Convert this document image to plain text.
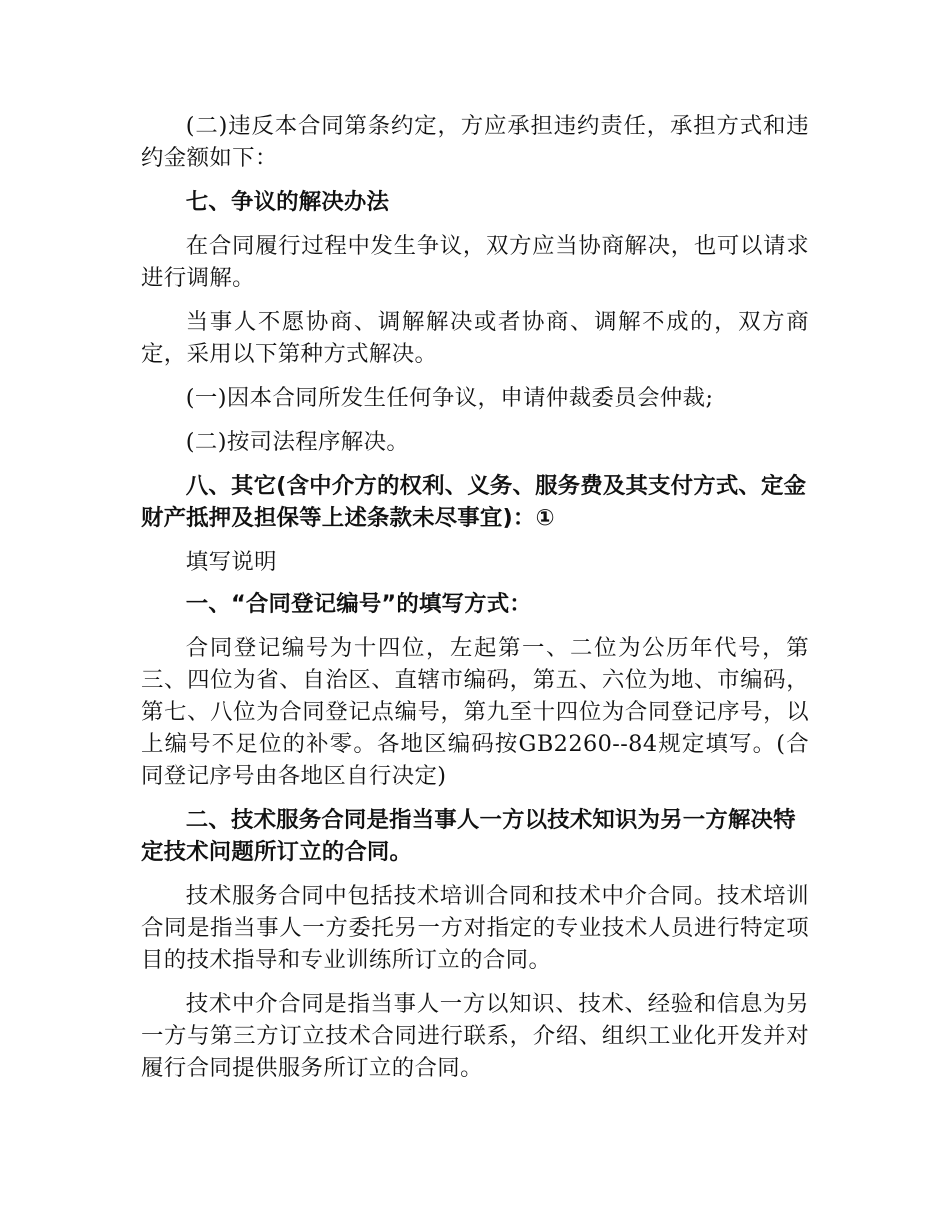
(二)违反本合同第条约定，方应承担违约责任，承担方式和违约金额如下：

七、争议的解决办法

在合同履行过程中发生争议，双方应当协商解决，也可以请求进行调解。

当事人不愿协商、调解解决或者协商、调解不成的，双方商定，采用以下第种方式解决。

(一)因本合同所发生任何争议，申请仲裁委员会仲裁;

(二)按司法程序解决。

八、其它(含中介方的权利、义务、服务费及其支付方式、定金财产抵押及担保等上述条款未尽事宜)：①

填写说明

一、“合同登记编号”的填写方式：

合同登记编号为十四位，左起第一、二位为公历年代号，第三、四位为省、自治区、直辖市编码，第五、六位为地、市编码，第七、八位为合同登记点编号，第九至十四位为合同登记序号，以上编号不足位的补零。各地区编码按GB2260--84规定填写。(合同登记序号由各地区自行决定)

二、技术服务合同是指当事人一方以技术知识为另一方解决特定技术问题所订立的合同。

技术服务合同中包括技术培训合同和技术中介合同。技术培训合同是指当事人一方委托另一方对指定的专业技术人员进行特定项目的技术指导和专业训练所订立的合同。

技术中介合同是指当事人一方以知识、技术、经验和信息为另一方与第三方订立技术合同进行联系，介绍、组织工业化开发并对履行合同提供服务所订立的合同。
